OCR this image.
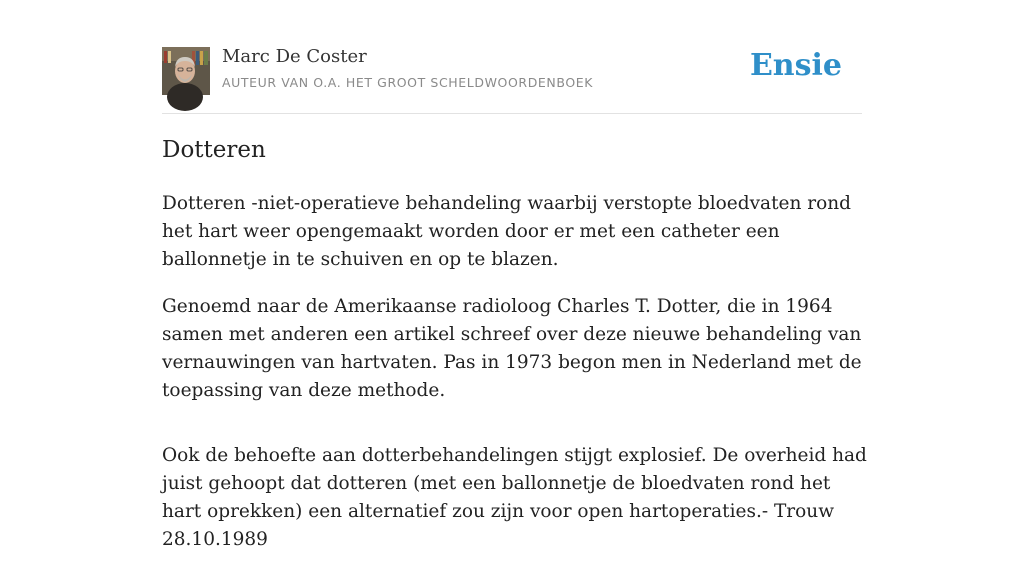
Marc De Coster
AUTEUR VAN O.A. HET GROOT SCHELDWOORDENBOEK	Ensie
Dotteren

Dotteren -niet-operatieve behandeling waarbij verstopte bloedvaten rond het hart weer opengemaakt worden door er met een catheter een ballonnetje in te schuiven en op te blazen.

Genoemd naar de Amerikaanse radioloog Charles T. Dotter, die in 1964 samen met anderen een artikel schreef over deze nieuwe behandeling van vernauwingen van hartvaten. Pas in 1973 begon men in Nederland met de toepassing van deze methode.

Ook de behoefte aan dotterbehandelingen stijgt explosief. De overheid had juist gehoopt dat dotteren (met een ballonnetje de bloedvaten rond het hart oprekken) een alternatief zou zijn voor open hartoperaties.- Trouw 28.10.1989
